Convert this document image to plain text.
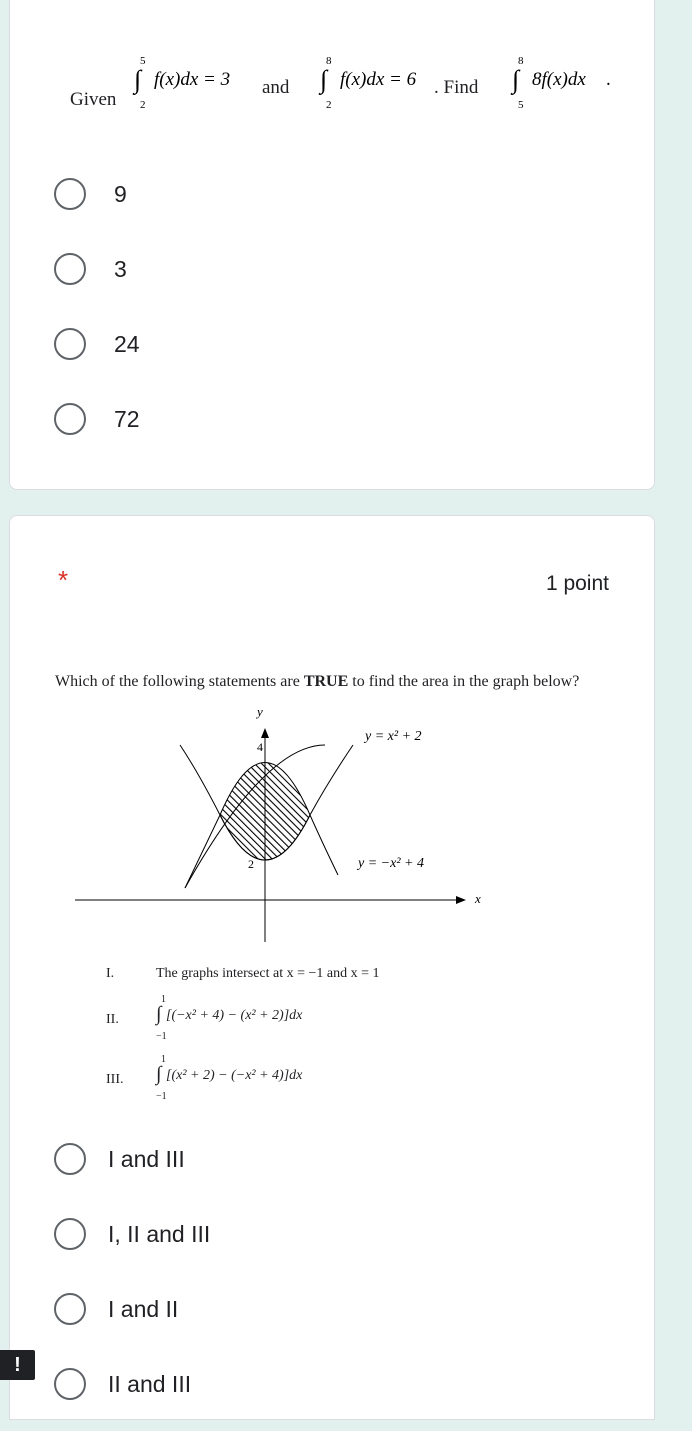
Given
5
∫
2
f(x)dx = 3 and
8
∫
2
f(x)dx = 6 . Find
8
∫
5
8f(x)dx .
9
3
24
72
*	1 point
Which of the following statements are TRUE to find the area in the graph below?
y
x
4
2
y = x² + 2
y = −x² + 4
I.	The graphs intersect at x = −1 and x = 1
II.
1
∫
−1
[(−x² + 4) − (x² + 2)]dx
III.
1
∫
−1
[(x² + 2) − (−x² + 4)]dx
I and III
I, II and III
I and II
II and III
!
